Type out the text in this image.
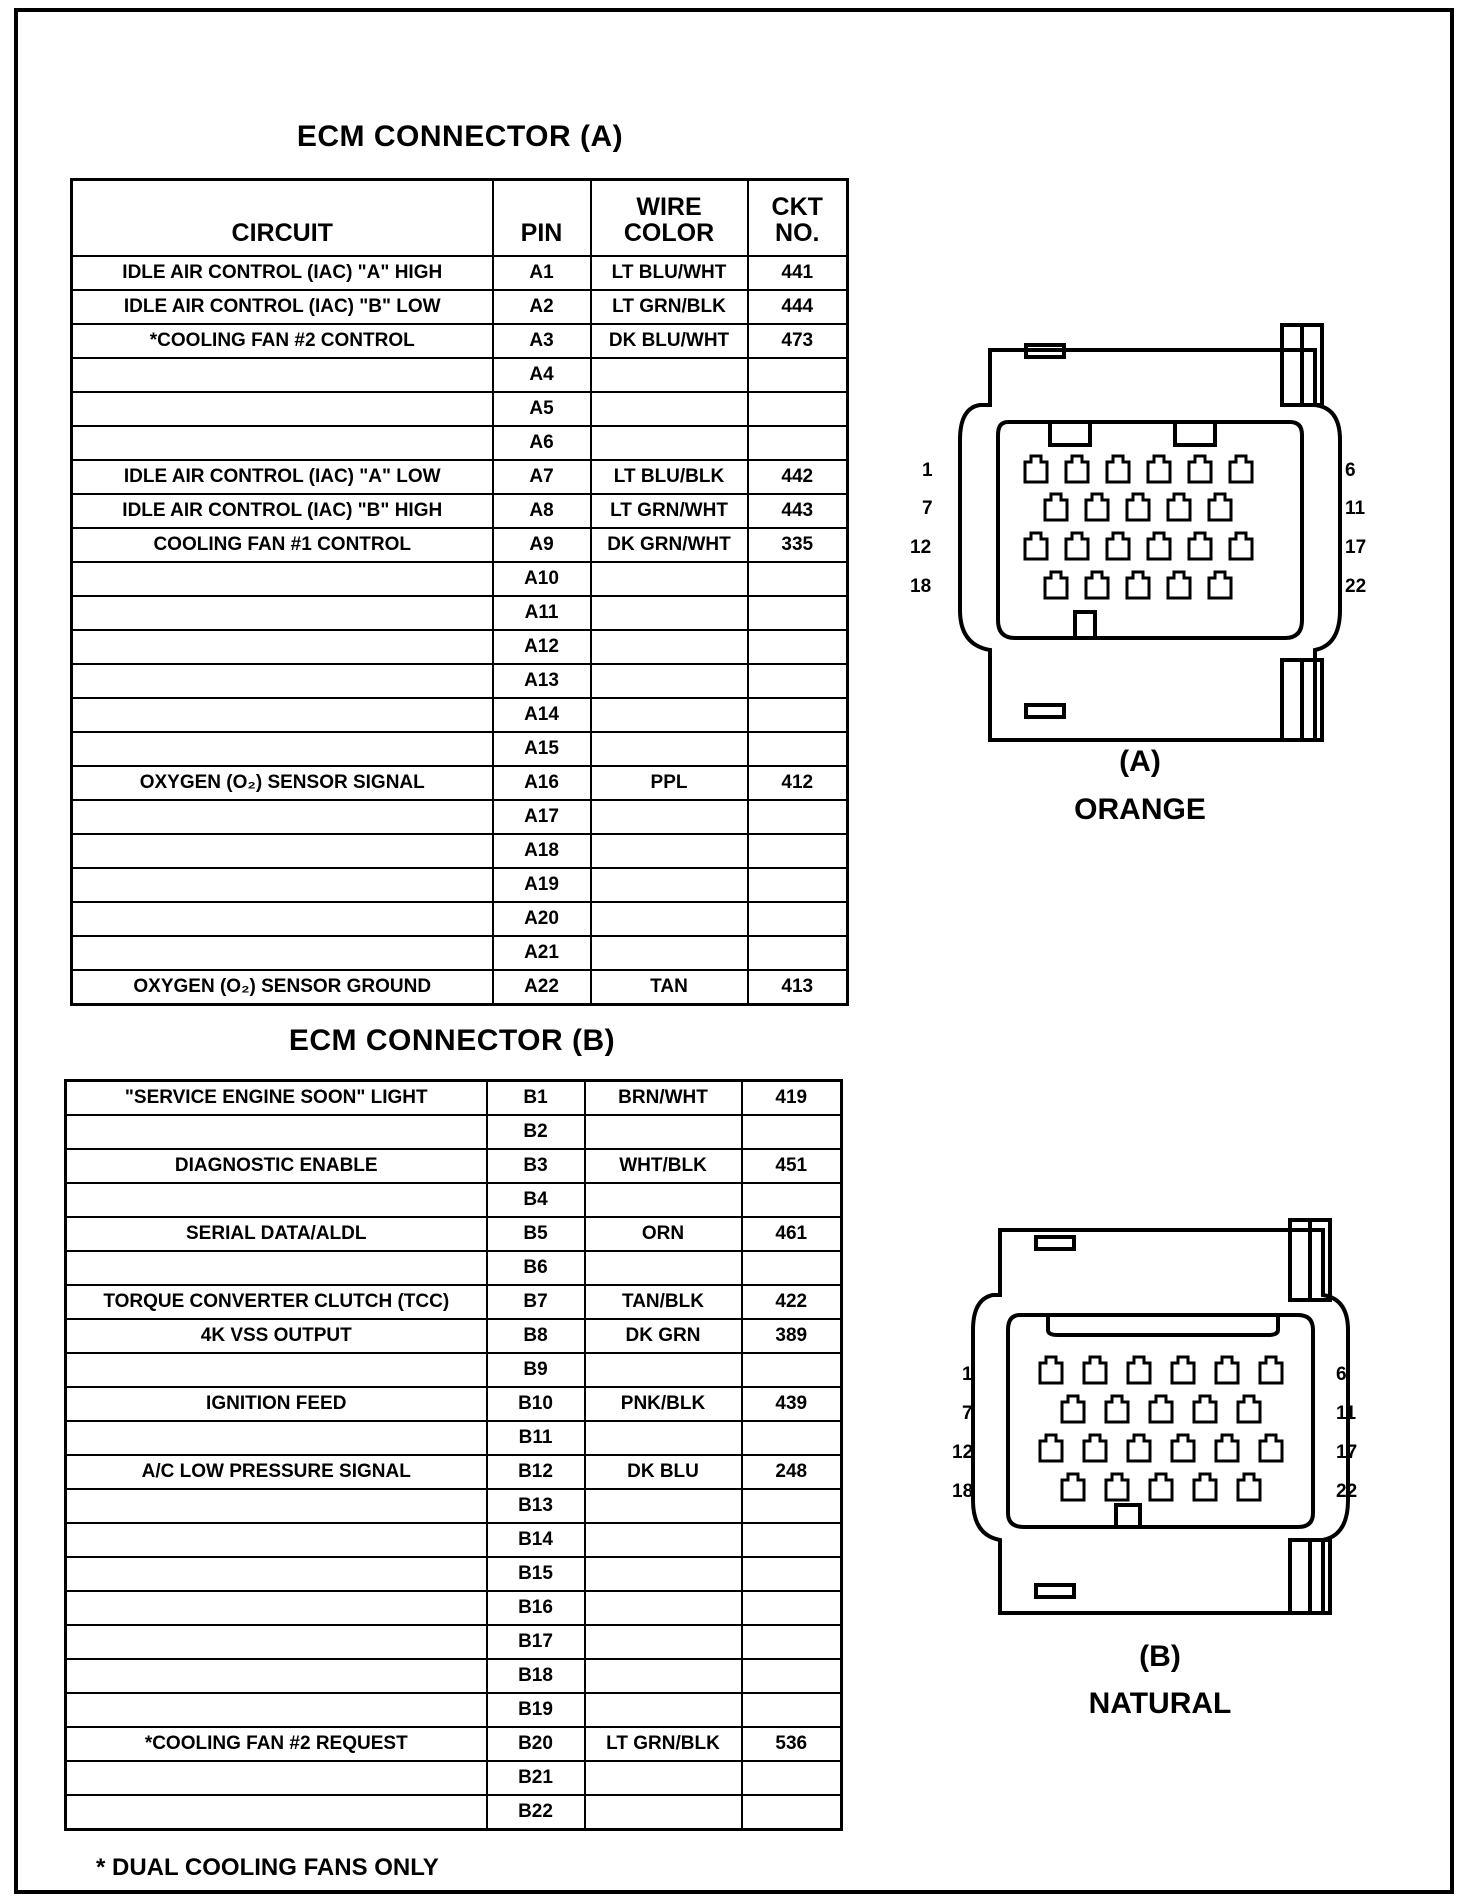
ECM CONNECTOR (A)
CIRCUIT	PIN	WIRE COLOR	CKT NO.
IDLE AIR CONTROL (IAC) "A" HIGH	A1	LT BLU/WHT	441
IDLE AIR CONTROL (IAC) "B" LOW	A2	LT GRN/BLK	444
*COOLING FAN #2 CONTROL	A3	DK BLU/WHT	473
	A4		
	A5		
	A6		
IDLE AIR CONTROL (IAC) "A" LOW	A7	LT BLU/BLK	442
IDLE AIR CONTROL (IAC) "B" HIGH	A8	LT GRN/WHT	443
COOLING FAN #1 CONTROL	A9	DK GRN/WHT	335
	A10		
	A11		
	A12		
	A13		
	A14		
	A15		
OXYGEN (O₂) SENSOR SIGNAL	A16	PPL	412
	A17		
	A18		
	A19		
	A20		
	A21		
OXYGEN (O₂) SENSOR GROUND	A22	TAN	413
ECM CONNECTOR (B)
"SERVICE ENGINE SOON" LIGHT	B1	BRN/WHT	419
	B2		
DIAGNOSTIC ENABLE	B3	WHT/BLK	451
	B4		
SERIAL DATA/ALDL	B5	ORN	461
	B6		
TORQUE CONVERTER CLUTCH (TCC)	B7	TAN/BLK	422
4K VSS OUTPUT	B8	DK GRN	389
	B9		
IGNITION FEED	B10	PNK/BLK	439
	B11		
A/C LOW PRESSURE SIGNAL	B12	DK BLU	248
	B13		
	B14		
	B15		
	B16		
	B17		
	B18		
	B19		
*COOLING FAN #2 REQUEST	B20	LT GRN/BLK	536
	B21		
	B22		
1	6
7	11
12	17
18	22
(A)
ORANGE
1	6
7	11
12	17
18	22
(B)
NATURAL
* DUAL COOLING FANS ONLY
